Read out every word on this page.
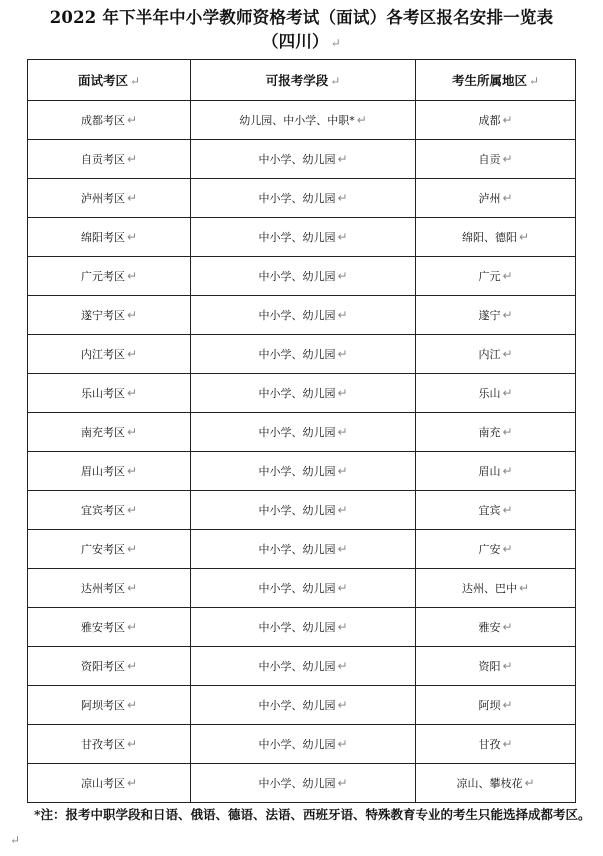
2022 年下半年中小学教师资格考试（面试）各考区报名安排一览表
（四川） ↵
面试考区 ↵	可报考学段 ↵	考生所属地区 ↵
成都考区 ↵	幼儿园、中小学、中职* ↵	成都 ↵
自贡考区 ↵	中小学、幼儿园 ↵	自贡 ↵
泸州考区 ↵	中小学、幼儿园 ↵	泸州 ↵
绵阳考区 ↵	中小学、幼儿园 ↵	绵阳、德阳 ↵
广元考区 ↵	中小学、幼儿园 ↵	广元 ↵
遂宁考区 ↵	中小学、幼儿园 ↵	遂宁 ↵
内江考区 ↵	中小学、幼儿园 ↵	内江 ↵
乐山考区 ↵	中小学、幼儿园 ↵	乐山 ↵
南充考区 ↵	中小学、幼儿园 ↵	南充 ↵
眉山考区 ↵	中小学、幼儿园 ↵	眉山 ↵
宜宾考区 ↵	中小学、幼儿园 ↵	宜宾 ↵
广安考区 ↵	中小学、幼儿园 ↵	广安 ↵
达州考区 ↵	中小学、幼儿园 ↵	达州、巴中 ↵
雅安考区 ↵	中小学、幼儿园 ↵	雅安 ↵
资阳考区 ↵	中小学、幼儿园 ↵	资阳 ↵
阿坝考区 ↵	中小学、幼儿园 ↵	阿坝 ↵
甘孜考区 ↵	中小学、幼儿园 ↵	甘孜 ↵
凉山考区 ↵	中小学、幼儿园 ↵	凉山、攀枝花 ↵
*注：报考中职学段和日语、俄语、德语、法语、西班牙语、特殊教育专业的考生只能选择成都考区。↵
